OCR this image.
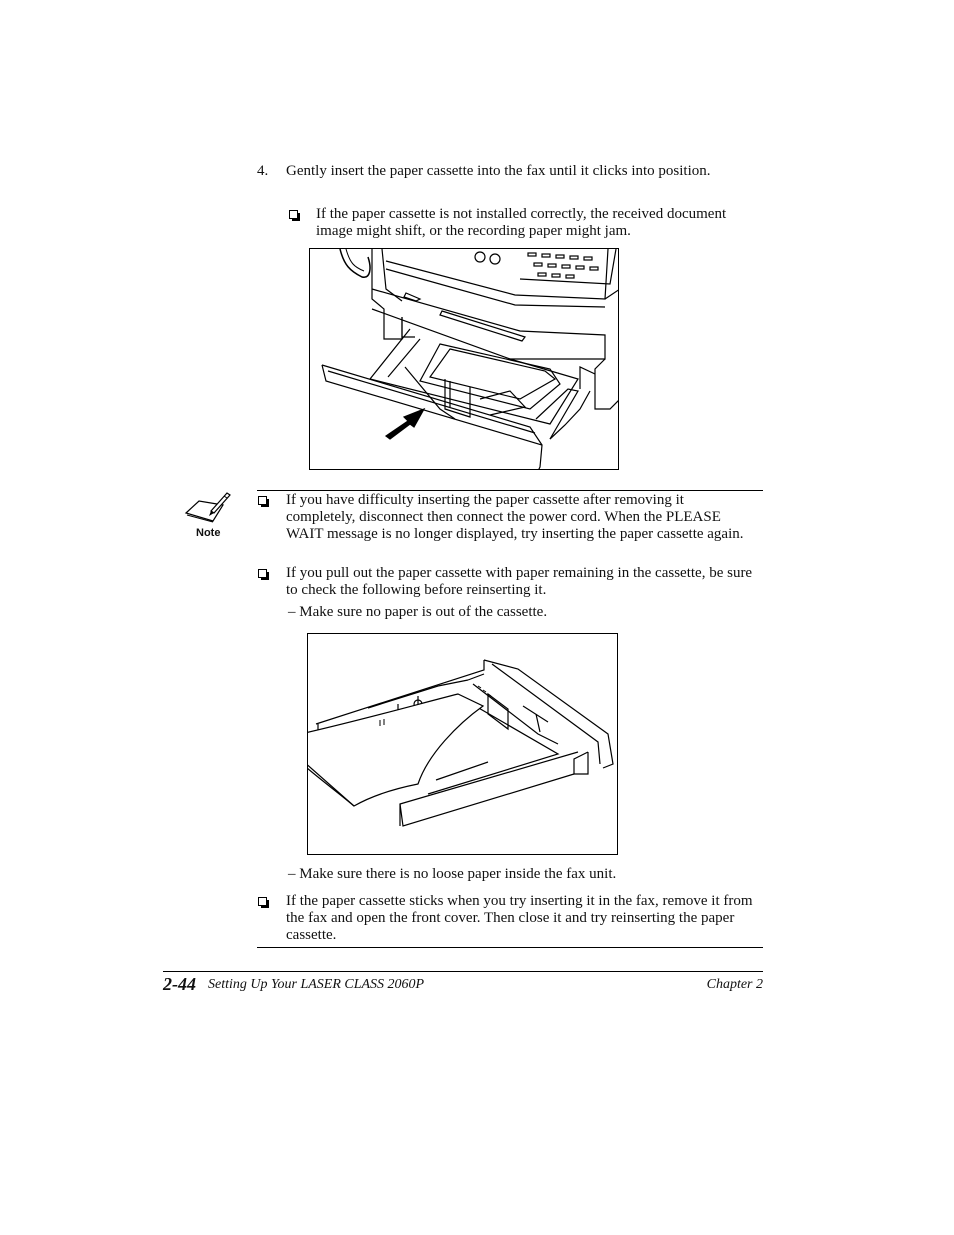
4. Gently insert the paper cassette into the fax until it clicks into position.
If the paper cassette is not installed correctly, the received document image might shift, or the recording paper might jam.
Note
If you have difficulty inserting the paper cassette after removing it completely, disconnect then connect the power cord. When the PLEASE WAIT message is no longer displayed, try inserting the paper cassette again.
If you pull out the paper cassette with paper remaining in the cassette, be sure to check the following before reinserting it.
– Make sure no paper is out of the cassette.
– Make sure there is no loose paper inside the fax unit.
If the paper cassette sticks when you try inserting it in the fax, remove it from the fax and open the front cover. Then close it and try reinserting the paper cassette.
2-44 Setting Up Your LASER CLASS 2060P	Chapter 2
